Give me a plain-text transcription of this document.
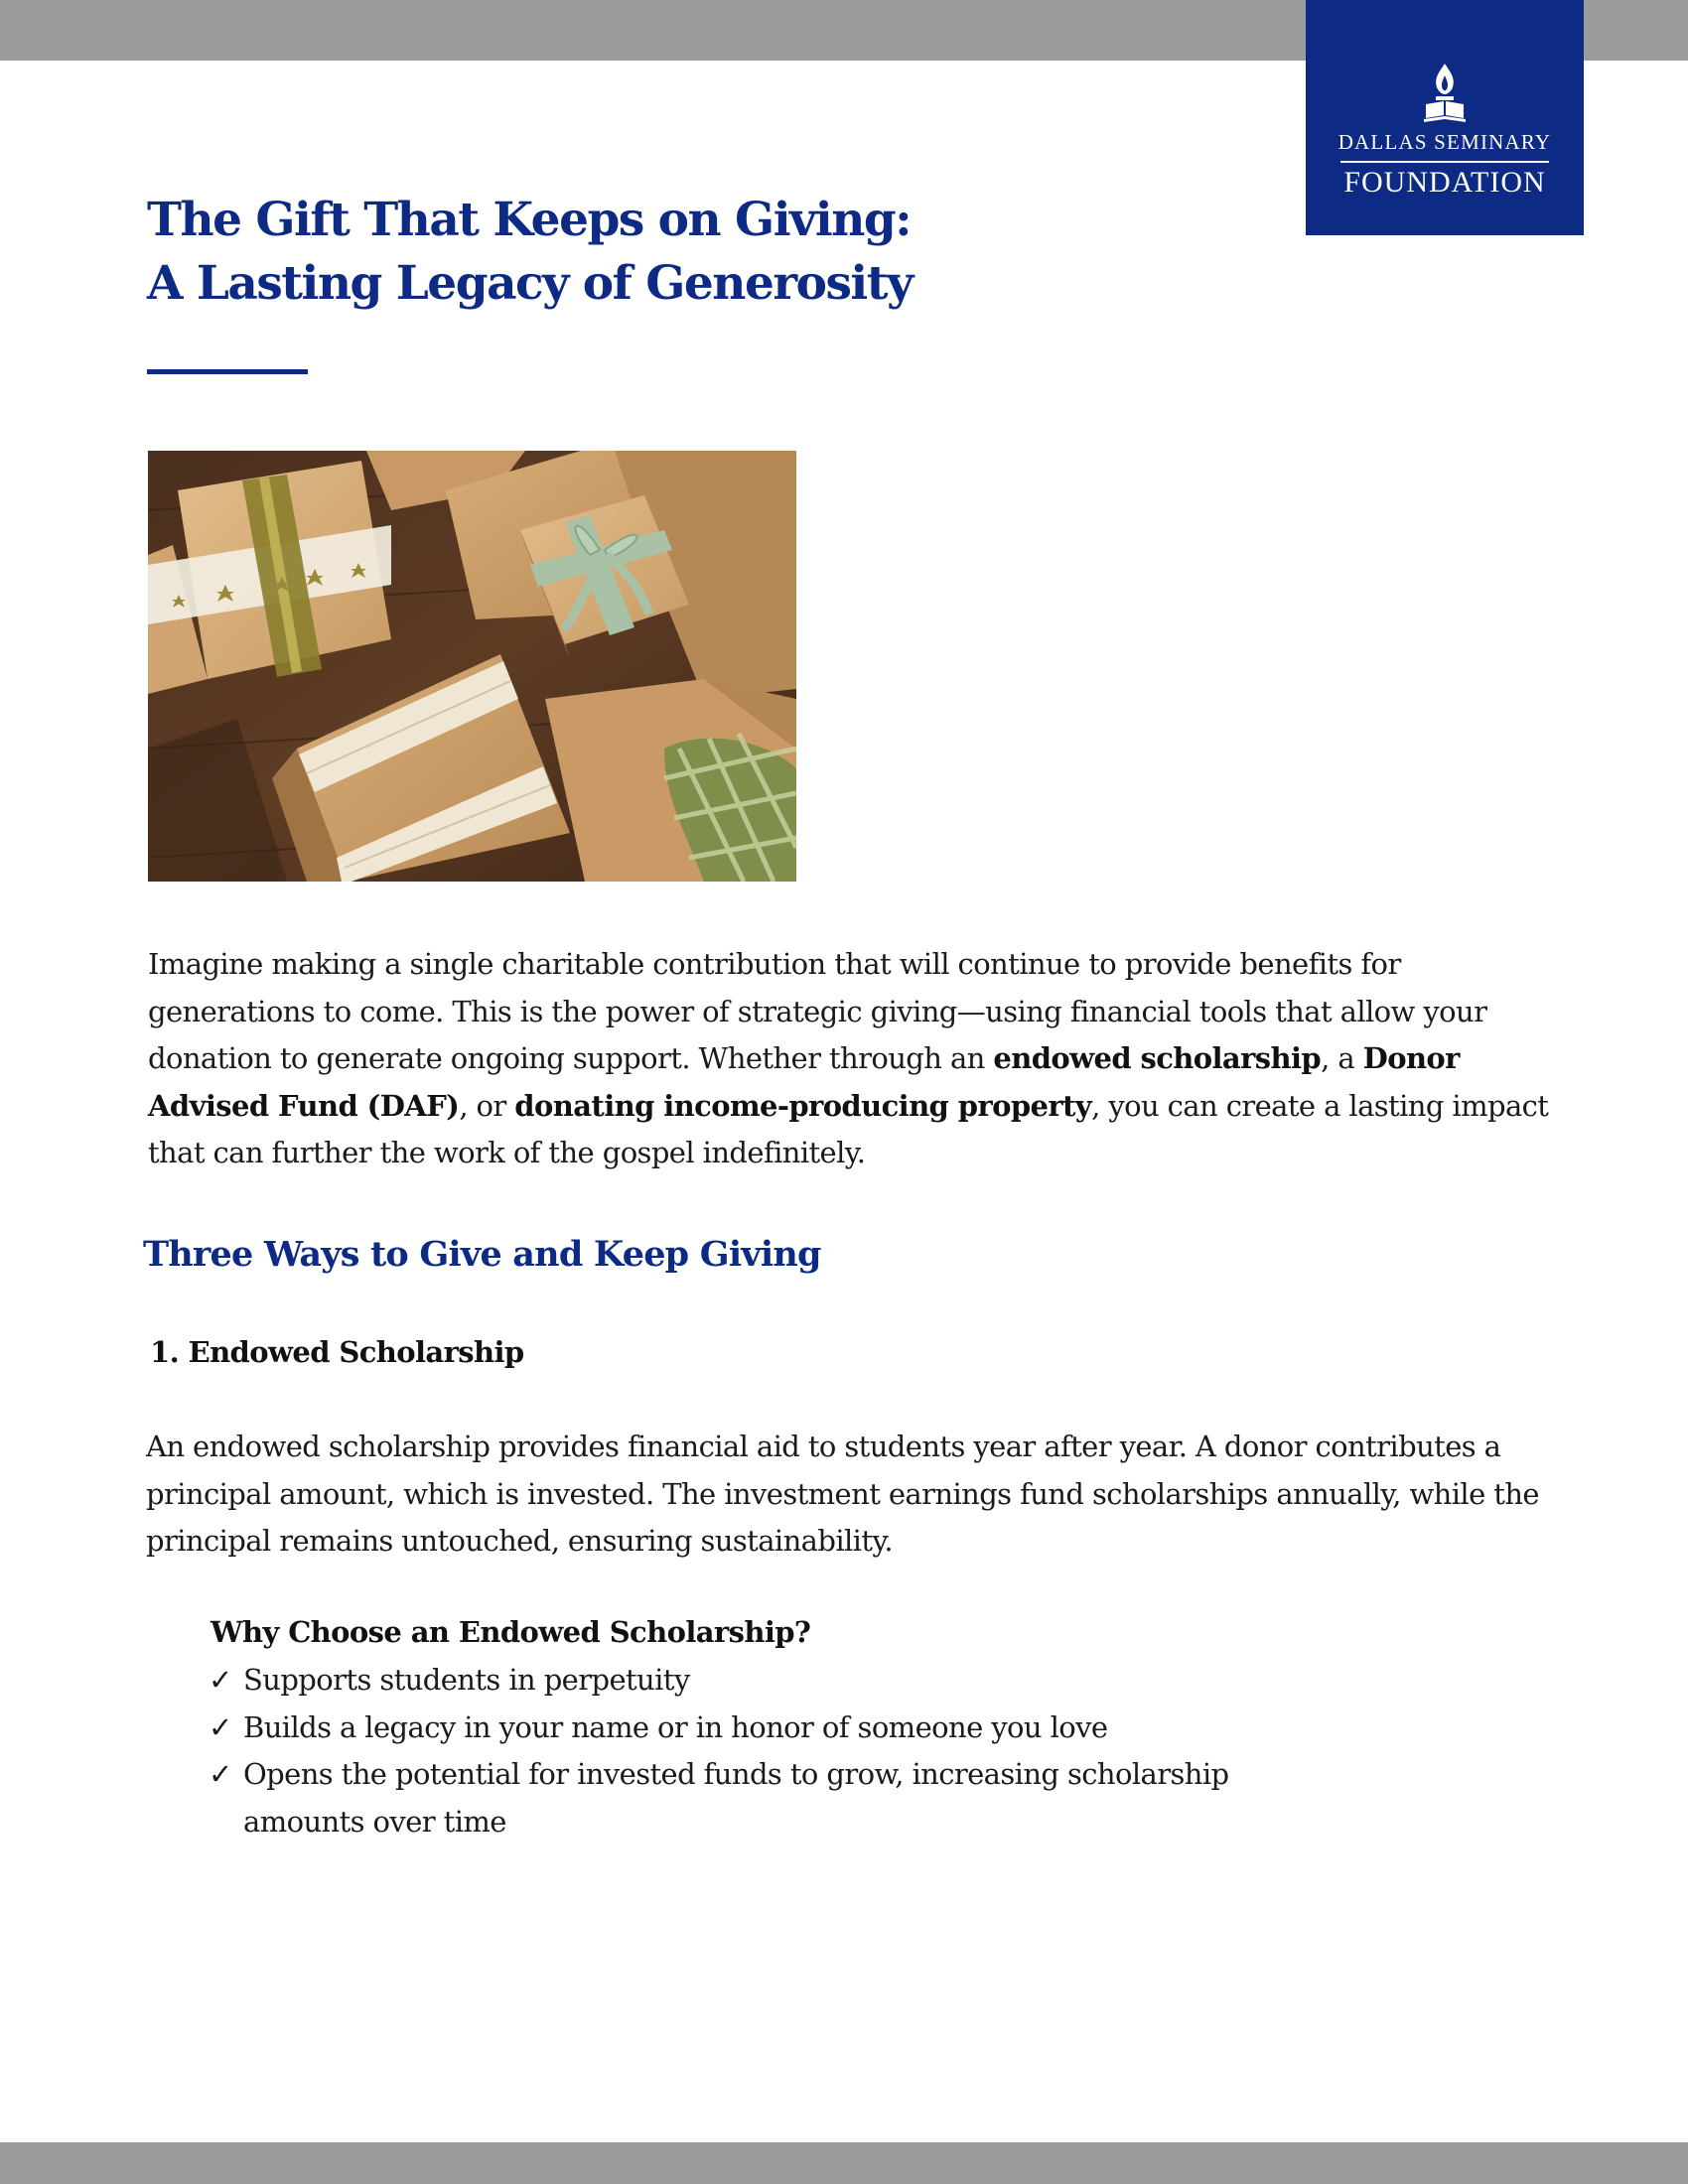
DALLAS SEMINARY
FOUNDATION
The Gift That Keeps on Giving:
A Lasting Legacy of Generosity

Imagine making a single charitable contribution that will continue to provide benefits for generations to come. This is the power of strategic giving—using financial tools that allow your donation to generate ongoing support. Whether through an endowed scholarship, a Donor Advised Fund (DAF), or donating income-producing property, you can create a lasting impact that can further the work of the gospel indefinitely.

Three Ways to Give and Keep Giving
1. Endowed Scholarship

An endowed scholarship provides financial aid to students year after year. A donor contributes a principal amount, which is invested. The investment earnings fund scholarships annually, while the principal remains untouched, ensuring sustainability.

Why Choose an Endowed Scholarship?
✓ Supports students in perpetuity
✓ Builds a legacy in your name or in honor of someone you love
✓ Opens the potential for invested funds to grow, increasing scholarship amounts over time
